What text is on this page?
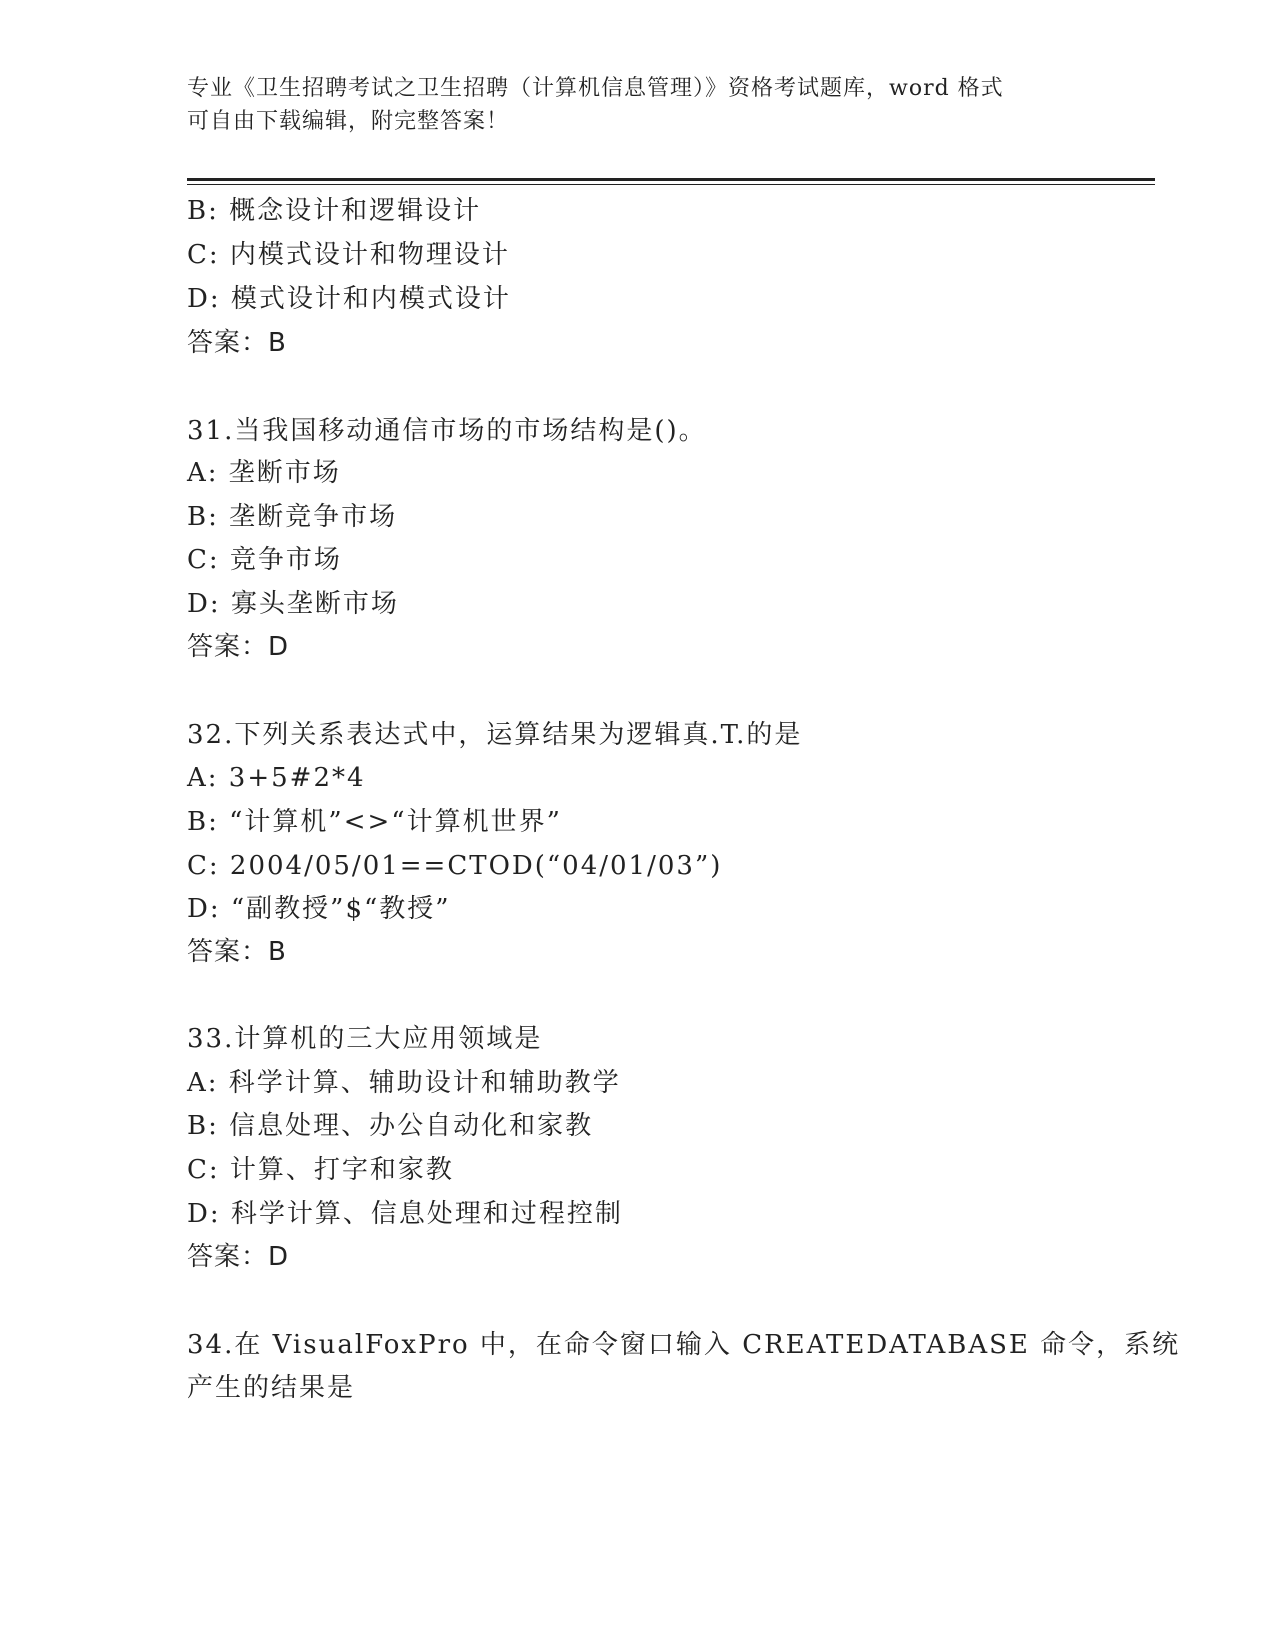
专业《卫生招聘考试之卫生招聘（计算机信息管理）》资格考试题库，word 格式
可自由下载编辑，附完整答案！
B: 概念设计和逻辑设计
C: 内模式设计和物理设计
D: 模式设计和内模式设计
答案：B
31.当我国移动通信市场的市场结构是()。
A: 垄断市场
B: 垄断竞争市场
C: 竞争市场
D: 寡头垄断市场
答案：D
32.下列关系表达式中，运算结果为逻辑真.T.的是
A: 3+5#2*4
B: “计算机”<>“计算机世界”
C: 2004/05/01==CTOD(“04/01/03”)
D: “副教授”$“教授”
答案：B
33.计算机的三大应用领域是
A: 科学计算、辅助设计和辅助教学
B: 信息处理、办公自动化和家教
C: 计算、打字和家教
D: 科学计算、信息处理和过程控制
答案：D
34.在 VisualFoxPro 中，在命令窗口输入 CREATEDATABASE 命令，系统
产生的结果是
